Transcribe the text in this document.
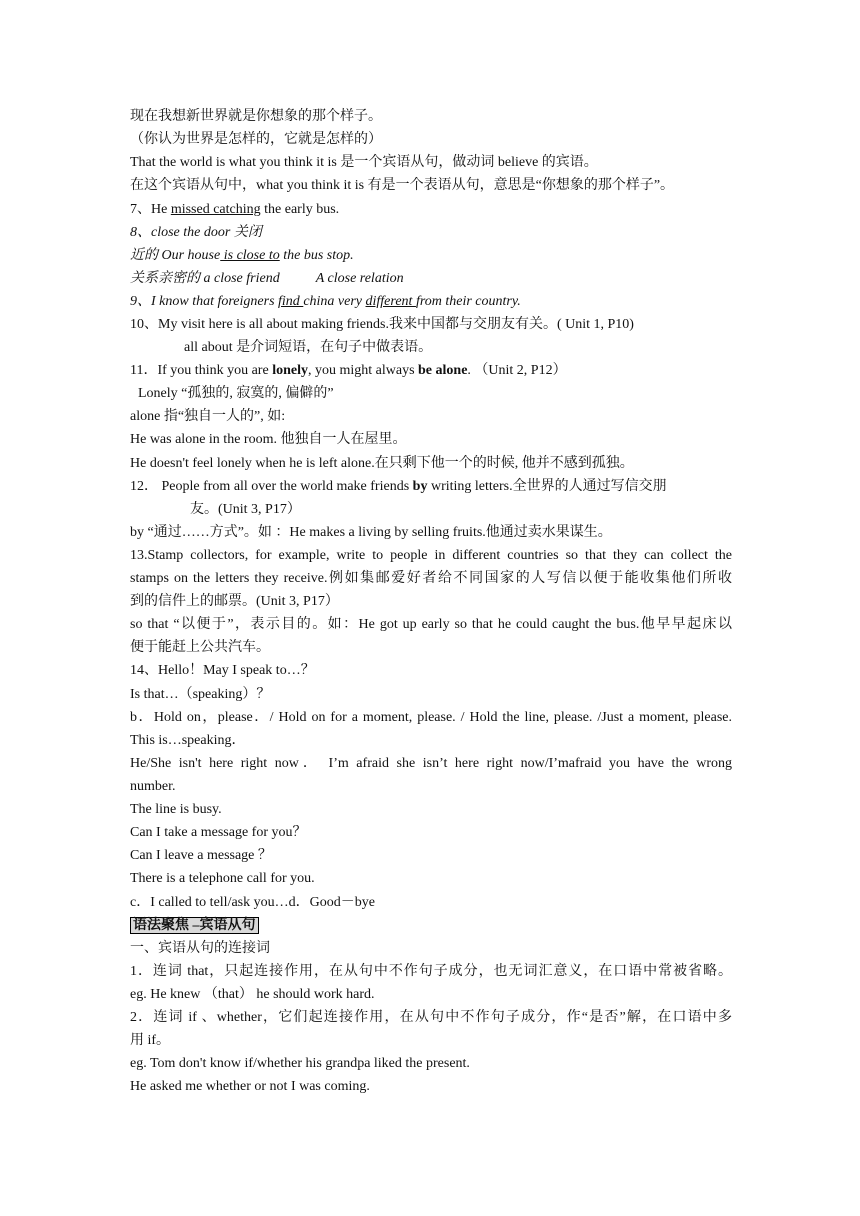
现在我想新世界就是你想象的那个样子。
（你认为世界是怎样的，它就是怎样的）
That the world is what you think it is 是一个宾语从句，做动词 believe 的宾语。
在这个宾语从句中，what you think it is 有是一个表语从句，意思是“你想象的那个样子”。
7、He missed catching the early bus.
8、close the door 关闭
近的 Our house is close to the bus stop.
关系亲密的 a close friend	A close relation
9、I know that foreigners find china very different from their country.
10、My visit here is all about making friends.我来中国都与交朋友有关。( Unit 1, P10)
all about 是介词短语，在句子中做表语。
11．If you think you are lonely, you might always be alone. （Unit 2, P12）
Lonely “孤独的, 寂寞的, 偏僻的”
alone 指“独自一人的”, 如:
He was alone in the room. 他独自一人在屋里。
He doesn't feel lonely when he is left alone.在只剩下他一个的时候, 他并不感到孤独。
12． People from all over the world make friends by writing letters.全世界的人通过写信交朋
友。(Unit 3, P17）
by “通过……方式”。如 ：He makes a living by selling fruits.他通过卖水果谋生。
13.Stamp collectors, for example, write to people in different countries so that they can collect the
stamps on the letters they receive.例如集邮爱好者给不同国家的人写信以便于能收集他们所收
到的信件上的邮票。(Unit 3, P17）
so that “以便于”，表示目的。如：He got up early so that he could caught the bus.他早早起床以
便于能赶上公共汽车。
14、Hello！May I speak to…？
Is that…（speaking）？
b．Hold on，please．/ Hold on for a moment, please. / Hold the line, please. /Just a moment, please.
This is…speaking．
He/She isn't here right now． I’m afraid she isn’t here right now/I’mafraid you have the wrong
number.
The line is busy.
Can I take a message for you？
Can I leave a message ？
There is a telephone call for you.
c．I called to tell/ask you…d．Good－bye
语法聚焦 –宾语从句
一、宾语从句的连接词
1．连词 that，只起连接作用，在从句中不作句子成分，也无词汇意义，在口语中常被省略。
eg. He knew （that） he should work hard.
2．连词 if 、whether，它们起连接作用，在从句中不作句子成分，作“是否”解，在口语中多
用 if。
eg. Tom don't know if/whether his grandpa liked the present.
He asked me whether or not I was coming.
